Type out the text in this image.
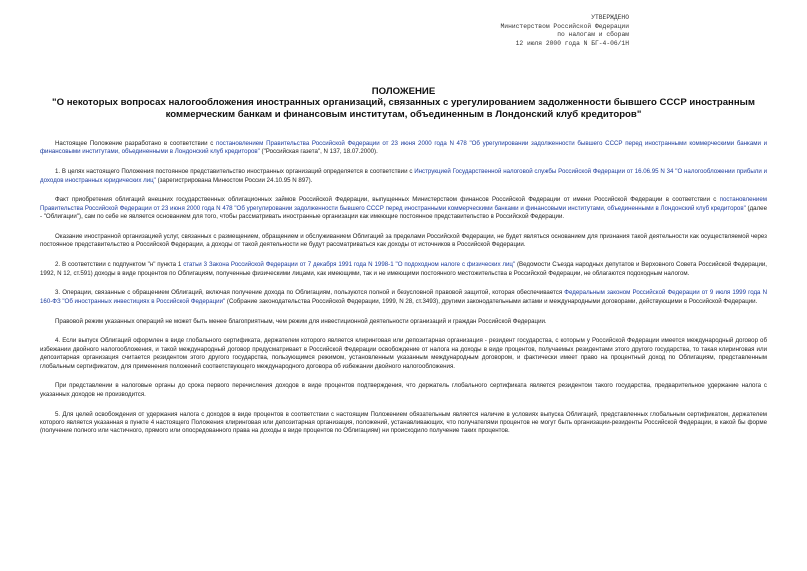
УТВЕРЖДЕНО
Министерством Российской Федерации
по налогам и сборам
12 июля 2000 года N БГ-4-06/1Н
ПОЛОЖЕНИЕ
"О некоторых вопросах налогообложения иностранных организаций, связанных с урегулированием задолженности бывшего СССР иностранным коммерческим банкам и финансовым институтам, объединенным в Лондонский клуб кредиторов"

Настоящее Положение разработано в соответствии с постановлением Правительства Российской Федерации от 23 июня 2000 года N 478 "Об урегулировании задолженности бывшего СССР перед иностранными коммерческими банками и финансовыми институтами, объединенными в Лондонский клуб кредиторов" ("Российская газета", N 137, 18.07.2000).

1. В целях настоящего Положения постоянное представительство иностранных организаций определяется в соответствии с Инструкцией Государственной налоговой службы Российской Федерации от 16.06.95 N 34 "О налогообложении прибыли и доходов иностранных юридических лиц" (зарегистрирована Минюстом России 24.10.95 N 897).

Факт приобретения облигаций внешних государственных облигационных займов Российской Федерации, выпущенных Министерством финансов Российской Федерации от имени Российской Федерации в соответствии с постановлением Правительства Российской Федерации от 23 июня 2000 года N 478 "Об урегулировании задолженности бывшего СССР перед иностранными коммерческими банками и финансовыми институтами, объединенными в Лондонский клуб кредиторов" (далее - "Облигации"), сам по себе не является основанием для того, чтобы рассматривать иностранные организации как имеющие постоянное представительство в Российской Федерации.

Оказание иностранной организацией услуг, связанных с размещением, обращением и обслуживанием Облигаций за пределами Российской Федерации, не будет являться основанием для признания такой деятельности как осуществляемой через постоянное представительство в Российской Федерации, а доходы от такой деятельности не будут рассматриваться как доходы от источников в Российской Федерации.

2. В соответствии с подпунктом "н" пункта 1 статьи 3 Закона Российской Федерации от 7 декабря 1991 года N 1998-1 "О подоходном налоге с физических лиц" (Ведомости Съезда народных депутатов и Верховного Совета Российской Федерации, 1992, N 12, ст.591) доходы в виде процентов по Облигациям, полученные физическими лицами, как имеющими, так и не имеющими постоянного местожительства в Российской Федерации, не облагаются подоходным налогом.

3. Операции, связанные с обращением Облигаций, включая получение дохода по Облигациям, пользуются полной и безусловной правовой защитой, которая обеспечивается Федеральным законом Российской Федерации от 9 июля 1999 года N 160-ФЗ "Об иностранных инвестициях в Российской Федерации" (Собрание законодательства Российской Федерации, 1999, N 28, ст.3493), другими законодательными актами и международными договорами, действующими в Российской Федерации.

Правовой режим указанных операций не может быть менее благоприятным, чем режим для инвестиционной деятельности организаций и граждан Российской Федерации.

4. Если выпуск Облигаций оформлен в виде глобального сертификата, держателем которого является клиринговая или депозитарная организация - резидент государства, с которым у Российской Федерации имеется международный договор об избежании двойного налогообложения, и такой международный договор предусматривает в Российской Федерации освобождение от налога на доходы в виде процентов, получаемых резидентами этого другого государства, то такая клиринговая или депозитарная организация считается резидентом этого другого государства, пользующимся режимом, установленным указанным международным договором, и фактически имеет право на процентный доход по Облигациям, представленным глобальным сертификатом, для применения положений соответствующего международного договора об избежании двойного налогообложения.

При представлении в налоговые органы до срока первого перечисления доходов в виде процентов подтверждения, что держатель глобального сертификата является резидентом такого государства, предварительное удержание налога с указанных доходов не производится.

5. Для целей освобождения от удержания налога с доходов в виде процентов в соответствии с настоящим Положением обязательным является наличие в условиях выпуска Облигаций, представленных глобальным сертификатом, держателем которого является указанная в пункте 4 настоящего Положения клиринговая или депозитарная организация, положений, устанавливающих, что получателями процентов не могут быть организации-резиденты Российской Федерации, в какой бы форме (получение полного или частичного, прямого или опосредованного права на доходы в виде процентов по Облигациям) ни происходило получение таких процентов.
